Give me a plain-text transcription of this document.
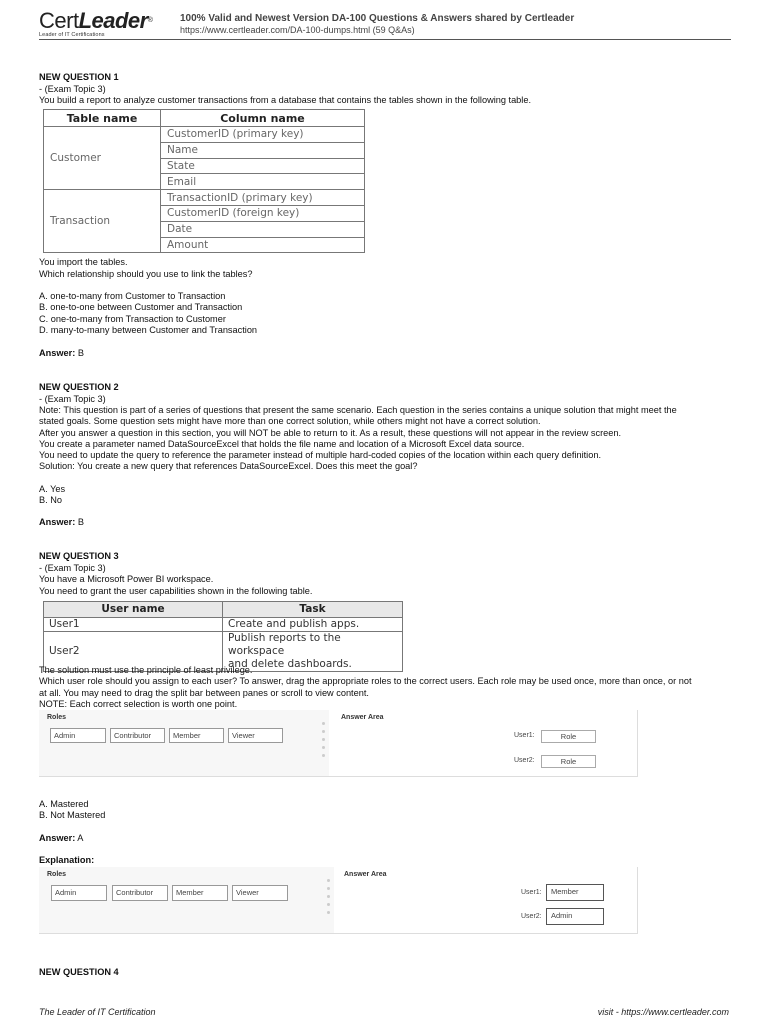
CertLeader®
Leader of IT Certifications
100% Valid and Newest Version DA-100 Questions & Answers shared by Certleader
https://www.certleader.com/DA-100-dumps.html (59 Q&As)
NEW QUESTION 1
- (Exam Topic 3)
You build a report to analyze customer transactions from a database that contains the tables shown in the following table.
Table name	Column name
Customer	CustomerID (primary key)
	Name
	State
	Email
Transaction	TransactionID (primary key)
	CustomerID (foreign key)
	Date
	Amount
You import the tables.
Which relationship should you use to link the tables?
A. one-to-many from Customer to Transaction
B. one-to-one between Customer and Transaction
C. one-to-many from Transaction to Customer
D. many-to-many between Customer and Transaction
Answer: B
NEW QUESTION 2
- (Exam Topic 3)
Note: This question is part of a series of questions that present the same scenario. Each question in the series contains a unique solution that might meet the
stated goals. Some question sets might have more than one correct solution, while others might not have a correct solution.
After you answer a question in this section, you will NOT be able to return to it. As a result, these questions will not appear in the review screen.
You create a parameter named DataSourceExcel that holds the file name and location of a Microsoft Excel data source.
You need to update the query to reference the parameter instead of multiple hard-coded copies of the location within each query definition.
Solution: You create a new query that references DataSourceExcel. Does this meet the goal?
A. Yes
B. No
Answer: B
NEW QUESTION 3
- (Exam Topic 3)
You have a Microsoft Power BI workspace.
You need to grant the user capabilities shown in the following table.
User name	Task
User1	Create and publish apps.
User2	Publish reports to the workspace
and delete dashboards.
The solution must use the principle of least privilege.
Which user role should you assign to each user? To answer, drag the appropriate roles to the correct users. Each role may be used once, more than once, or not
at all. You may need to drag the split bar between panes or scroll to view content.
NOTE: Each correct selection is worth one point.
Roles
Admin	Contributor	Member	Viewer
Answer Area
User1:	Role
User2:	Role
A. Mastered
B. Not Mastered
Answer: A
Explanation:
Roles
Admin	Contributor	Member	Viewer
Answer Area
User1:	Member
User2:	Admin
NEW QUESTION 4
The Leader of IT Certification	visit - https://www.certleader.com
